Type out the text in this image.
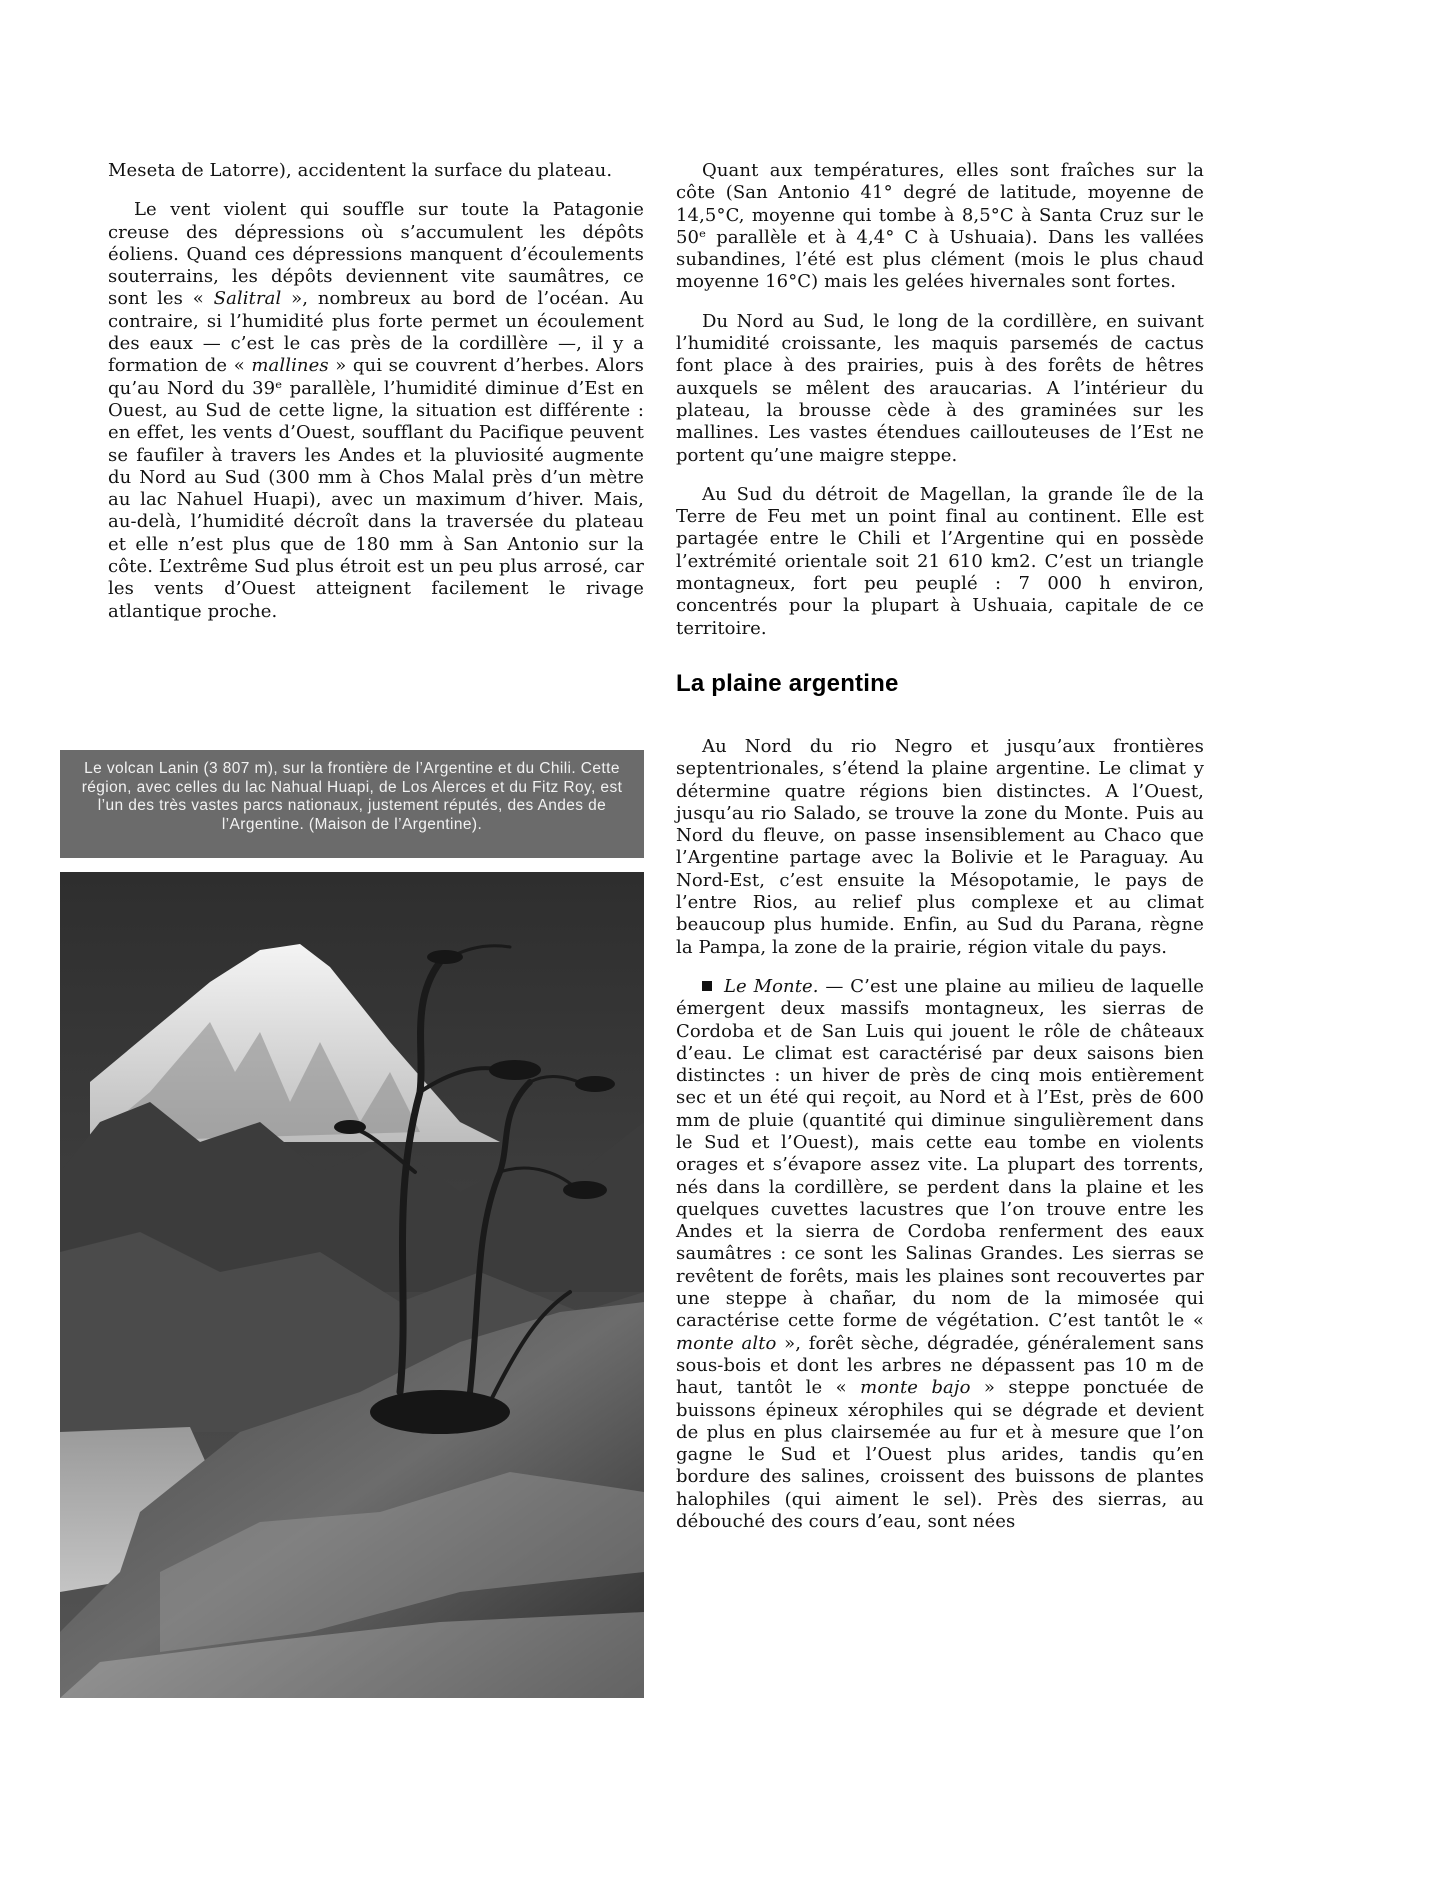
Meseta de Latorre), accidentent la surface du plateau.

Le vent violent qui souffle sur toute la Patagonie creuse des dépressions où s’accumulent les dépôts éoliens. Quand ces dépressions manquent d’écoulements souterrains, les dépôts deviennent vite saumâtres, ce sont les « Salitral », nombreux au bord de l’océan. Au contraire, si l’humidité plus forte permet un écoulement des eaux — c’est le cas près de la cordillère —, il y a formation de « mallines » qui se couvrent d’herbes. Alors qu’au Nord du 39ᵉ parallèle, l’humidité diminue d’Est en Ouest, au Sud de cette ligne, la situation est différente : en effet, les vents d’Ouest, soufflant du Pacifique peuvent se faufiler à travers les Andes et la pluviosité augmente du Nord au Sud (300 mm à Chos Malal près d’un mètre au lac Nahuel Huapi), avec un maximum d’hiver. Mais, au-delà, l’humidité décroît dans la traversée du plateau et elle n’est plus que de 180 mm à San Antonio sur la côte. L’extrême Sud plus étroit est un peu plus arrosé, car les vents d’Ouest atteignent facilement le rivage atlantique proche.

Le volcan Lanin (3 807 m), sur la frontière de l’Argentine et du Chili. Cette région, avec celles du lac Nahual Huapi, de Los Alerces et du Fitz Roy, est l’un des très vastes parcs nationaux, justement réputés, des Andes de l’Argentine. (Maison de l’Argentine).

Quant aux températures, elles sont fraîches sur la côte (San Antonio 41° degré de latitude, moyenne de 14,5°C, moyenne qui tombe à 8,5°C à Santa Cruz sur le 50ᵉ parallèle et à 4,4° C à Ushuaia). Dans les vallées subandines, l’été est plus clément (mois le plus chaud moyenne 16°C) mais les gelées hivernales sont fortes.

Du Nord au Sud, le long de la cordillère, en suivant l’humidité croissante, les maquis parsemés de cactus font place à des prairies, puis à des forêts de hêtres auxquels se mêlent des araucarias. A l’intérieur du plateau, la brousse cède à des graminées sur les mallines. Les vastes étendues caillouteuses de l’Est ne portent qu’une maigre steppe.

Au Sud du détroit de Magellan, la grande île de la Terre de Feu met un point final au continent. Elle est partagée entre le Chili et l’Argentine qui en possède l’extrémité orientale soit 21 610 km2. C’est un triangle montagneux, fort peu peuplé : 7 000 h environ, concentrés pour la plupart à Ushuaia, capitale de ce territoire.

La plaine argentine

Au Nord du rio Negro et jusqu’aux frontières septentrionales, s’étend la plaine argentine. Le climat y détermine quatre régions bien distinctes. A l’Ouest, jusqu’au rio Salado, se trouve la zone du Monte. Puis au Nord du fleuve, on passe insensiblement au Chaco que l’Argentine partage avec la Bolivie et le Paraguay. Au Nord-Est, c’est ensuite la Mésopotamie, le pays de l’entre Rios, au relief plus complexe et au climat beaucoup plus humide. Enfin, au Sud du Parana, règne la Pampa, la zone de la prairie, région vitale du pays.

Le Monte. — C’est une plaine au milieu de laquelle émergent deux massifs montagneux, les sierras de Cordoba et de San Luis qui jouent le rôle de châteaux d’eau. Le climat est caractérisé par deux saisons bien distinctes : un hiver de près de cinq mois entièrement sec et un été qui reçoit, au Nord et à l’Est, près de 600 mm de pluie (quantité qui diminue singulièrement dans le Sud et l’Ouest), mais cette eau tombe en violents orages et s’évapore assez vite. La plupart des torrents, nés dans la cordillère, se perdent dans la plaine et les quelques cuvettes lacustres que l’on trouve entre les Andes et la sierra de Cordoba renferment des eaux saumâtres : ce sont les Salinas Grandes. Les sierras se revêtent de forêts, mais les plaines sont recouvertes par une steppe à chañar, du nom de la mimosée qui caractérise cette forme de végétation. C’est tantôt le « monte alto », forêt sèche, dégradée, généralement sans sous-bois et dont les arbres ne dépassent pas 10 m de haut, tantôt le « monte bajo » steppe ponctuée de buissons épineux xérophiles qui se dégrade et devient de plus en plus clairsemée au fur et à mesure que l’on gagne le Sud et l’Ouest plus arides, tandis qu’en bordure des salines, croissent des buissons de plantes halophiles (qui aiment le sel). Près des sierras, au débouché des cours d’eau, sont nées
